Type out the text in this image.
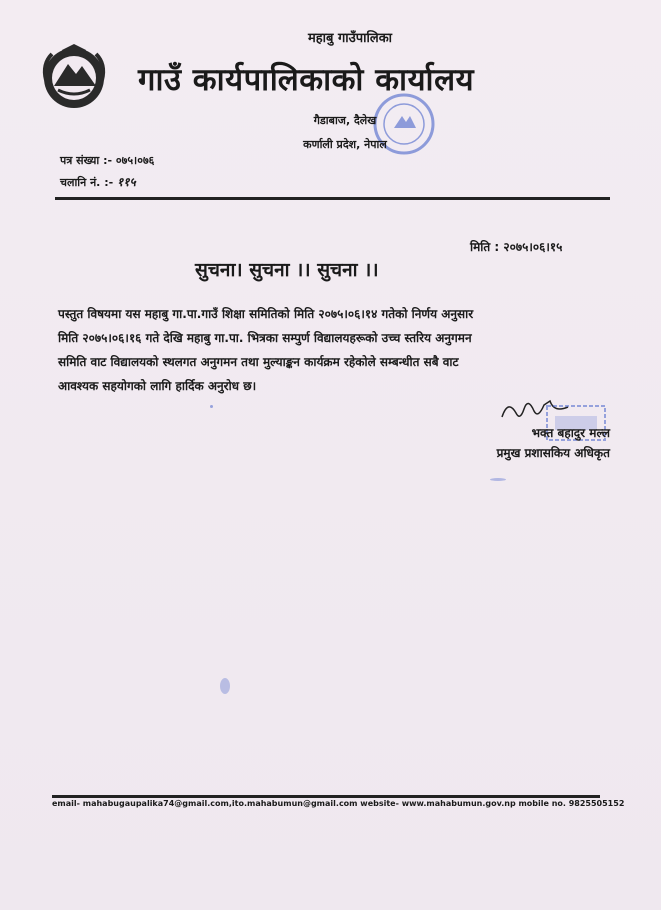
महाबु गाउँपालिका
गाउँ कार्यपालिकाको कार्यालय
गैडाबाज, दैलेख
कर्णाली प्रदेश, नेपाल
पत्र संख्या :- ०७५।०७६
चलानि नं. :- ११५
मिति : २०७५।०६।१५
सुचना। सुचना ।। सुचना ।।

पस्तुत विषयमा यस महाबु गा.पा.गाउँ शिक्षा समितिको मिति २०७५।०६।१४ गतेको निर्णय अनुसार

मिति २०७५।०६।१६ गते देखि महाबु गा.पा. भित्रका सम्पुर्ण विद्यालयहरूको उच्च स्तरिय अनुगमन

समिति वाट विद्यालयको स्थलगत अनुगमन तथा मुल्याङ्कन कार्यक्रम रहेकोले सम्बन्धीत सबै वाट

आवश्यक सहयोगको लागि हार्दिक अनुरोध छ।

भक्त बहादुर मल्ल
प्रमुख प्रशासकिय अधिकृत
email- mahabugaupalika74@gmail.com,ito.mahabumun@gmail.com website- www.mahabumun.gov.np mobile no. 9825505152
